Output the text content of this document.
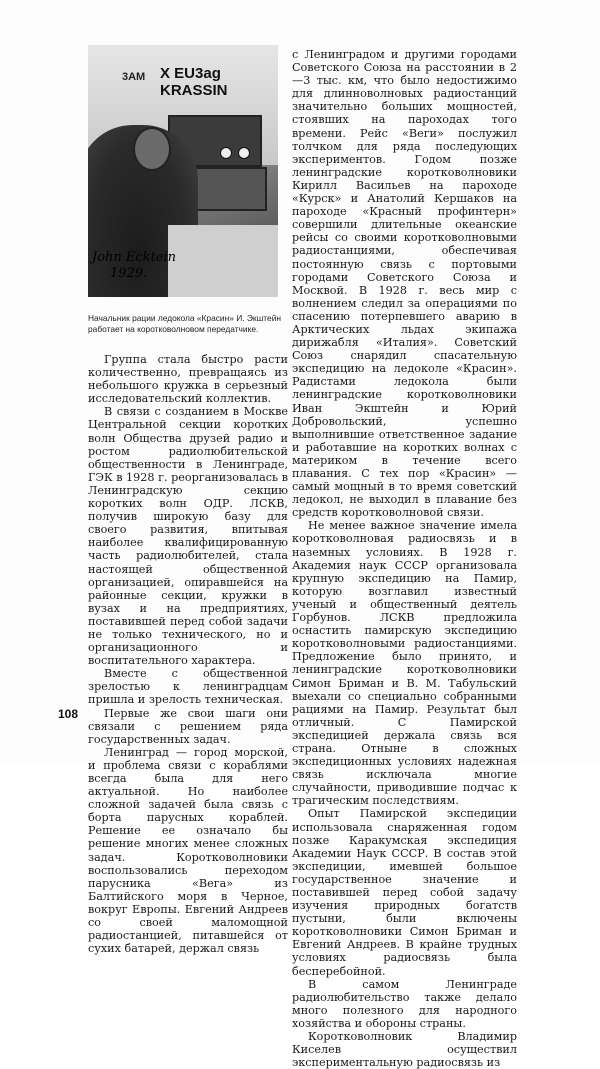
3AM X EU3ag
KRASSIN
John Ecktein
1929.
Начальник рации ледокола «Красин» И. Экштейн работает на коротковолновом передатчике.

Группа стала быстро расти количественно, превращаясь из небольшого кружка в серьезный исследовательский коллектив.

В связи с созданием в Москве Центральной секции коротких волн Общества друзей радио и ростом радиолюбительской общественности в Ленинграде, ГЭК в 1928 г. реорганизовалась в Ленинградскую секцию коротких волн ОДР. ЛСКВ, получив широкую базу для своего развития, впитывая наиболее квалифицированную часть радиолюбителей, стала настоящей общественной организацией, опиравшейся на районные секции, кружки в вузах и на предприятиях, поставившей перед собой задачи не только технического, но и организационного и воспитательного характера.

Вместе с общественной зрелостью к ленинградцам пришла и зрелость техническая.

Первые же свои шаги они связали с решением ряда государственных задач.

Ленинград — город морской, и проблема связи с кораблями всегда была для него актуальной. Но наиболее сложной задачей была связь с борта парусных кораблей. Решение ее означало бы решение многих менее сложных задач. Коротковолновики воспользовались переходом парусника «Вега» из Балтийского моря в Черное, вокруг Европы. Евгений Андреев со своей маломощной радиостанцией, питавшейся от сухих батарей, держал связь

с Ленинградом и другими городами Советского Союза на расстоянии в 2—3 тыс. км, что было недостижимо для длинноволновых радиостанций значительно больших мощностей, стоявших на пароходах того времени. Рейс «Веги» послужил толчком для ряда последующих экспериментов. Годом позже ленинградские коротковолновики Кирилл Васильев на пароходе «Курск» и Анатолий Кершаков на пароходе «Красный профинтерн» совершили длительные океанские рейсы со своими коротковолновыми радиостанциями, обеспечивая постоянную связь с портовыми городами Советского Союза и Москвой. В 1928 г. весь мир с волнением следил за операциями по спасению потерпевшего аварию в Арктических льдах экипажа дирижабля «Италия». Советский Союз снарядил спасательную экспедицию на ледоколе «Красин». Радистами ледокола были ленинградские коротковолновики Иван Экштейн и Юрий Добровольский, успешно выполнившие ответственное задание и работавшие на коротких волнах с материком в течение всего плавания. С тех пор «Красин» — самый мощный в то время советский ледокол, не выходил в плавание без средств коротковолновой связи.

Не менее важное значение имела коротковолновая радиосвязь и в наземных условиях. В 1928 г. Академия наук СССР организовала крупную экспедицию на Памир, которую возглавил известный ученый и общественный деятель Горбунов. ЛСКВ предложила оснастить памирскую экспедицию коротковолновыми радиостанциями. Предложение было принято, и ленинградские коротковолновики Симон Бриман и В. М. Табульский выехали со специально собранными рациями на Памир. Результат был отличный. С Памирской экспедицией держала связь вся страна. Отныне в сложных экспедиционных условиях надежная связь исключала многие случайности, приводившие подчас к трагическим последствиям.

Опыт Памирской экспедиции использовала снаряженная годом позже Каракумская экспедиция Академии Наук СССР. В состав этой экспедиции, имевшей большое государственное значение и поставившей перед собой задачу изучения природных богатств пустыни, были включены коротковолновики Симон Бриман и Евгений Андреев. В крайне трудных условиях радиосвязь была бесперебойной.

В самом Ленинграде радиолюбительство также делало много полезного для народного хозяйства и обороны страны.

Коротковолновик Владимир Киселев осуществил экспериментальную радиосвязь из

108
